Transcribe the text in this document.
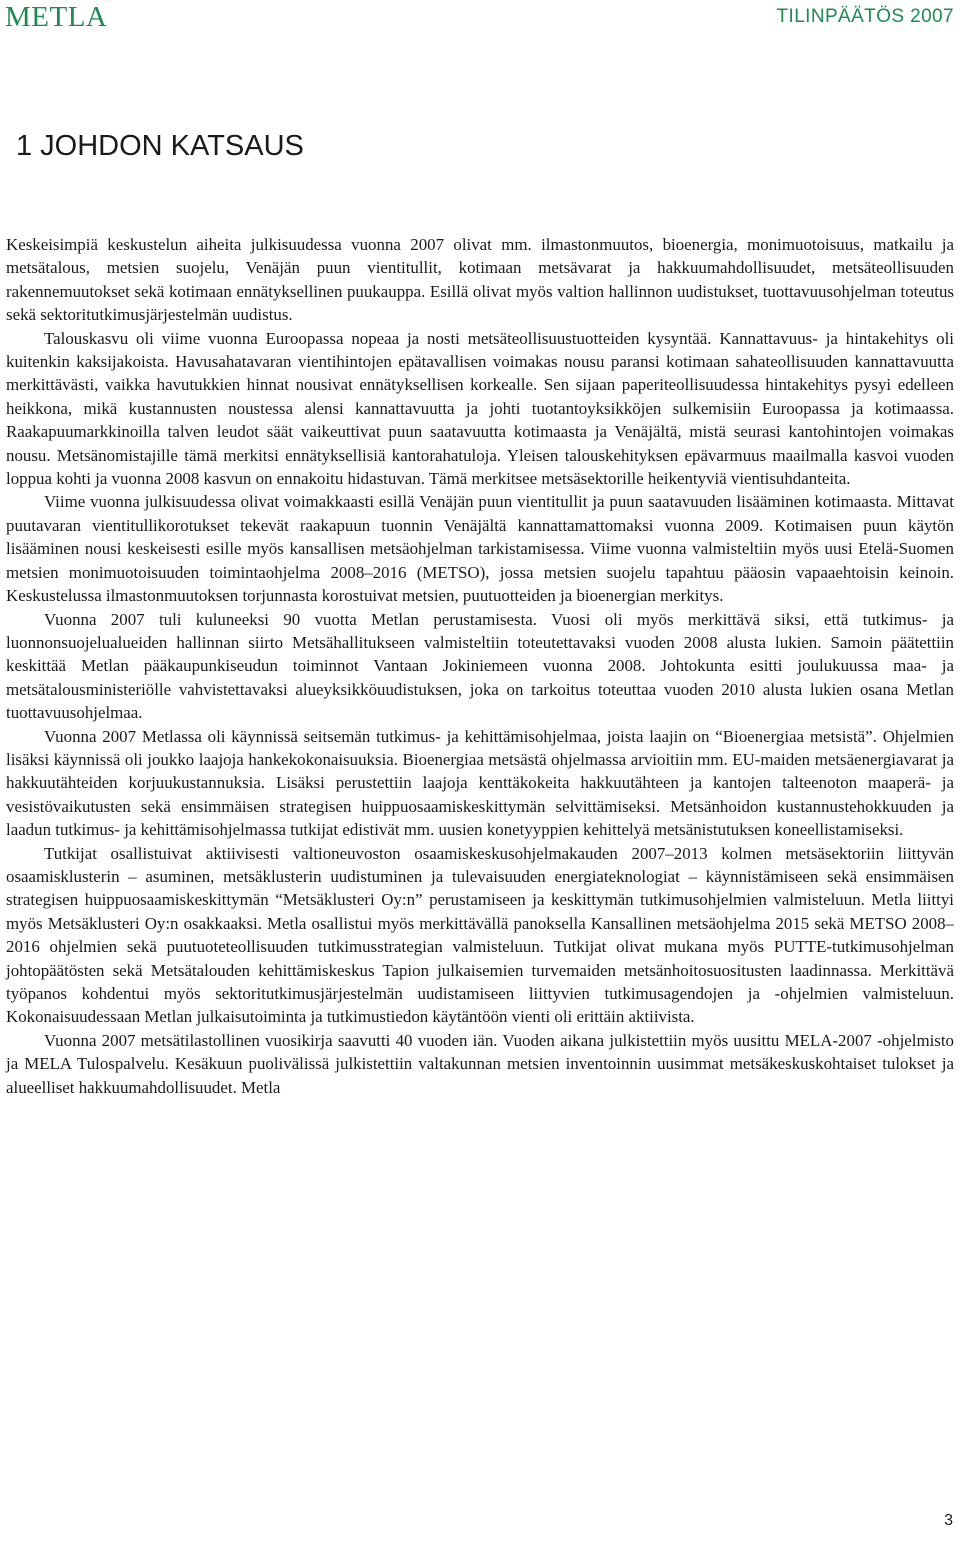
METLA	TILINPÄÄTÖS 2007
1 JOHDON KATSAUS

Keskeisimpiä keskustelun aiheita julkisuudessa vuonna 2007 olivat mm. ilmastonmuutos, bioenergia, monimuotoisuus, matkailu ja metsätalous, metsien suojelu, Venäjän puun vientitullit, kotimaan metsävarat ja hakkuumahdollisuudet, metsäteollisuuden rakennemuutokset sekä kotimaan ennätyksellinen puukauppa. Esillä olivat myös valtion hallinnon uudistukset, tuottavuusohjelman toteutus sekä sektoritutkimusjärjestelmän uudistus.

Talouskasvu oli viime vuonna Euroopassa nopeaa ja nosti metsäteollisuustuotteiden kysyntää. Kannattavuus- ja hintakehitys oli kuitenkin kaksijakoista. Havusahatavaran vientihintojen epätavallisen voimakas nousu paransi kotimaan sahateollisuuden kannattavuutta merkittävästi, vaikka havutukkien hinnat nousivat ennätyksellisen korkealle. Sen sijaan paperiteollisuudessa hintakehitys pysyi edelleen heikkona, mikä kustannusten noustessa alensi kannattavuutta ja johti tuotantoyksikköjen sulkemisiin Euroopassa ja kotimaassa. Raakapuumarkkinoilla talven leudot säät vaikeuttivat puun saatavuutta kotimaasta ja Venäjältä, mistä seurasi kantohintojen voimakas nousu. Metsänomistajille tämä merkitsi ennätyksellisiä kantorahatuloja. Yleisen talouskehityksen epävarmuus maailmalla kasvoi vuoden loppua kohti ja vuonna 2008 kasvun on ennakoitu hidastuvan. Tämä merkitsee metsäsektorille heikentyviä vientisuhdanteita.

Viime vuonna julkisuudessa olivat voimakkaasti esillä Venäjän puun vientitullit ja puun saatavuuden lisääminen kotimaasta. Mittavat puutavaran vientitullikorotukset tekevät raakapuun tuonnin Venäjältä kannattamattomaksi vuonna 2009. Kotimaisen puun käytön lisääminen nousi keskeisesti esille myös kansallisen metsäohjelman tarkistamisessa. Viime vuonna valmisteltiin myös uusi Etelä-Suomen metsien monimuotoisuuden toimintaohjelma 2008–2016 (METSO), jossa metsien suojelu tapahtuu pääosin vapaaehtoisin keinoin. Keskustelussa ilmastonmuutoksen torjunnasta korostuivat metsien, puutuotteiden ja bioenergian merkitys.

Vuonna 2007 tuli kuluneeksi 90 vuotta Metlan perustamisesta. Vuosi oli myös merkittävä siksi, että tutkimus- ja luonnonsuojelualueiden hallinnan siirto Metsähallitukseen valmisteltiin toteutettavaksi vuoden 2008 alusta lukien. Samoin päätettiin keskittää Metlan pääkaupunkiseudun toiminnot Vantaan Jokiniemeen vuonna 2008. Johtokunta esitti joulukuussa maa- ja metsätalousministeriölle vahvistettavaksi alueyksikköuudistuksen, joka on tarkoitus toteuttaa vuoden 2010 alusta lukien osana Metlan tuottavuusohjelmaa.

Vuonna 2007 Metlassa oli käynnissä seitsemän tutkimus- ja kehittämisohjelmaa, joista laajin on “Bioenergiaa metsistä”. Ohjelmien lisäksi käynnissä oli joukko laajoja hankekokonaisuuksia. Bioenergiaa metsästä ohjelmassa arvioitiin mm. EU-maiden metsäenergiavarat ja hakkuutähteiden korjuukustannuksia. Lisäksi perustettiin laajoja kenttäkokeita hakkuutähteen ja kantojen talteenoton maaperä- ja vesistövaikutusten sekä ensimmäisen strategisen huippuosaamiskeskittymän selvittämiseksi. Metsänhoidon kustannustehokkuuden ja laadun tutkimus- ja kehittämisohjelmassa tutkijat edistivät mm. uusien konetyyppien kehittelyä metsänistutuksen koneellistamiseksi.

Tutkijat osallistuivat aktiivisesti valtioneuvoston osaamiskeskusohjelmakauden 2007–2013 kolmen metsäsektoriin liittyvän osaamisklusterin – asuminen, metsäklusterin uudistuminen ja tulevaisuuden energiateknologiat – käynnistämiseen sekä ensimmäisen strategisen huippuosaamiskeskittymän “Metsäklusteri Oy:n” perustamiseen ja keskittymän tutkimusohjelmien valmisteluun. Metla liittyi myös Metsäklusteri Oy:n osakkaaksi. Metla osallistui myös merkittävällä panoksella Kansallinen metsäohjelma 2015 sekä METSO 2008–2016 ohjelmien sekä puutuoteteollisuuden tutkimusstrategian valmisteluun. Tutkijat olivat mukana myös PUTTE-tutkimusohjelman johtopäätösten sekä Metsätalouden kehittämiskeskus Tapion julkaisemien turvemaiden metsänhoitosuositusten laadinnassa. Merkittävä työpanos kohdentui myös sektoritutkimusjärjestelmän uudistamiseen liittyvien tutkimusagendojen ja -ohjelmien valmisteluun. Kokonaisuudessaan Metlan julkaisutoiminta ja tutkimustiedon käytäntöön vienti oli erittäin aktiivista.

Vuonna 2007 metsätilastollinen vuosikirja saavutti 40 vuoden iän. Vuoden aikana julkistettiin myös uusittu MELA-2007 -ohjelmisto ja MELA Tulospalvelu. Kesäkuun puolivälissä julkistettiin valtakunnan metsien inventoinnin uusimmat metsäkeskuskohtaiset tulokset ja alueelliset hakkuumahdollisuudet. Metla

3
